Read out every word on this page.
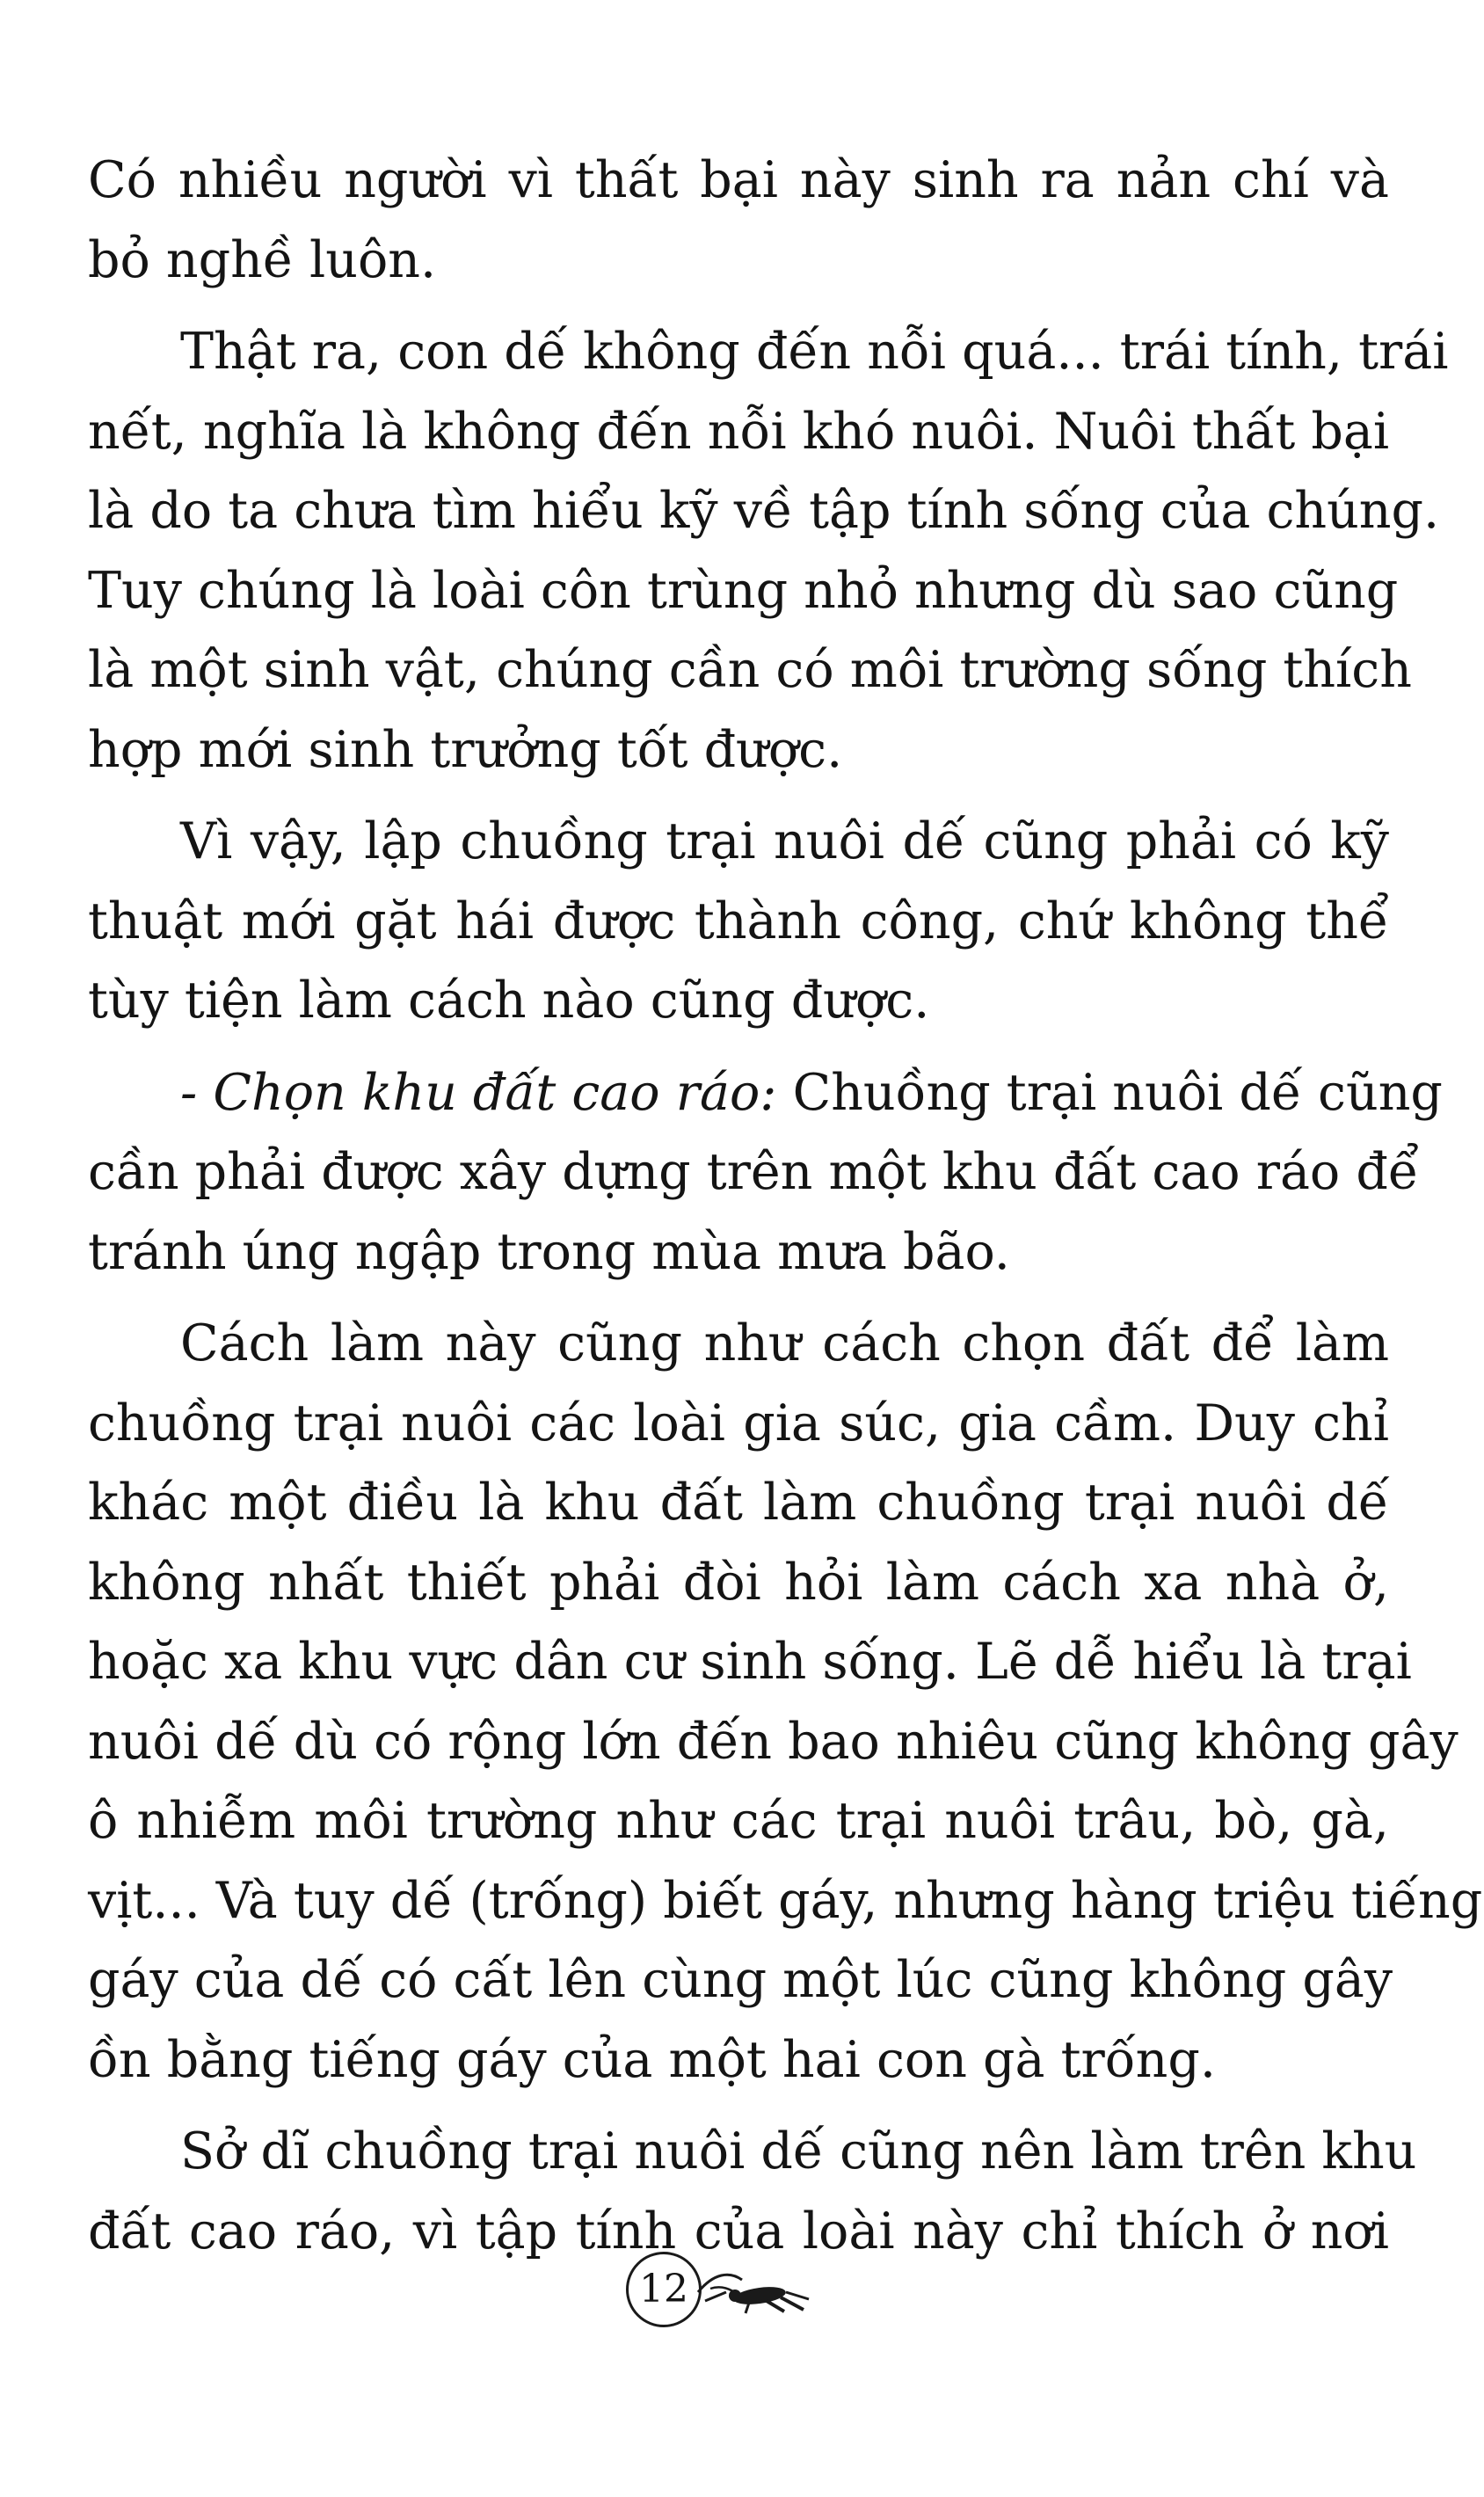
Có nhiều người vì thất bại này sinh ra nản chí và
bỏ nghề luôn.
Thật ra, con dế không đến nỗi quá... trái tính, trái
nết, nghĩa là không đến nỗi khó nuôi. Nuôi thất bại
là do ta chưa tìm hiểu kỹ về tập tính sống của chúng.
Tuy chúng là loài côn trùng nhỏ nhưng dù sao cũng
là một sinh vật, chúng cần có môi trường sống thích
hợp mới sinh trưởng tốt được.
Vì vậy, lập chuồng trại nuôi dế cũng phải có kỹ
thuật mới gặt hái được thành công, chứ không thể
tùy tiện làm cách nào cũng được.
- Chọn khu đất cao ráo: Chuồng trại nuôi dế cũng
cần phải được xây dựng trên một khu đất cao ráo để
tránh úng ngập trong mùa mưa bão.
Cách làm này cũng như cách chọn đất để làm
chuồng trại nuôi các loài gia súc, gia cầm. Duy chỉ
khác một điều là khu đất làm chuồng trại nuôi dế
không nhất thiết phải đòi hỏi làm cách xa nhà ở,
hoặc xa khu vực dân cư sinh sống. Lẽ dễ hiểu là trại
nuôi dế dù có rộng lớn đến bao nhiêu cũng không gây
ô nhiễm môi trường như các trại nuôi trâu, bò, gà,
vịt... Và tuy dế (trống) biết gáy, nhưng hàng triệu tiếng
gáy của dế có cất lên cùng một lúc cũng không gây
ồn bằng tiếng gáy của một hai con gà trống.
Sở dĩ chuồng trại nuôi dế cũng nên làm trên khu
đất cao ráo, vì tập tính của loài này chỉ thích ở nơi
12
